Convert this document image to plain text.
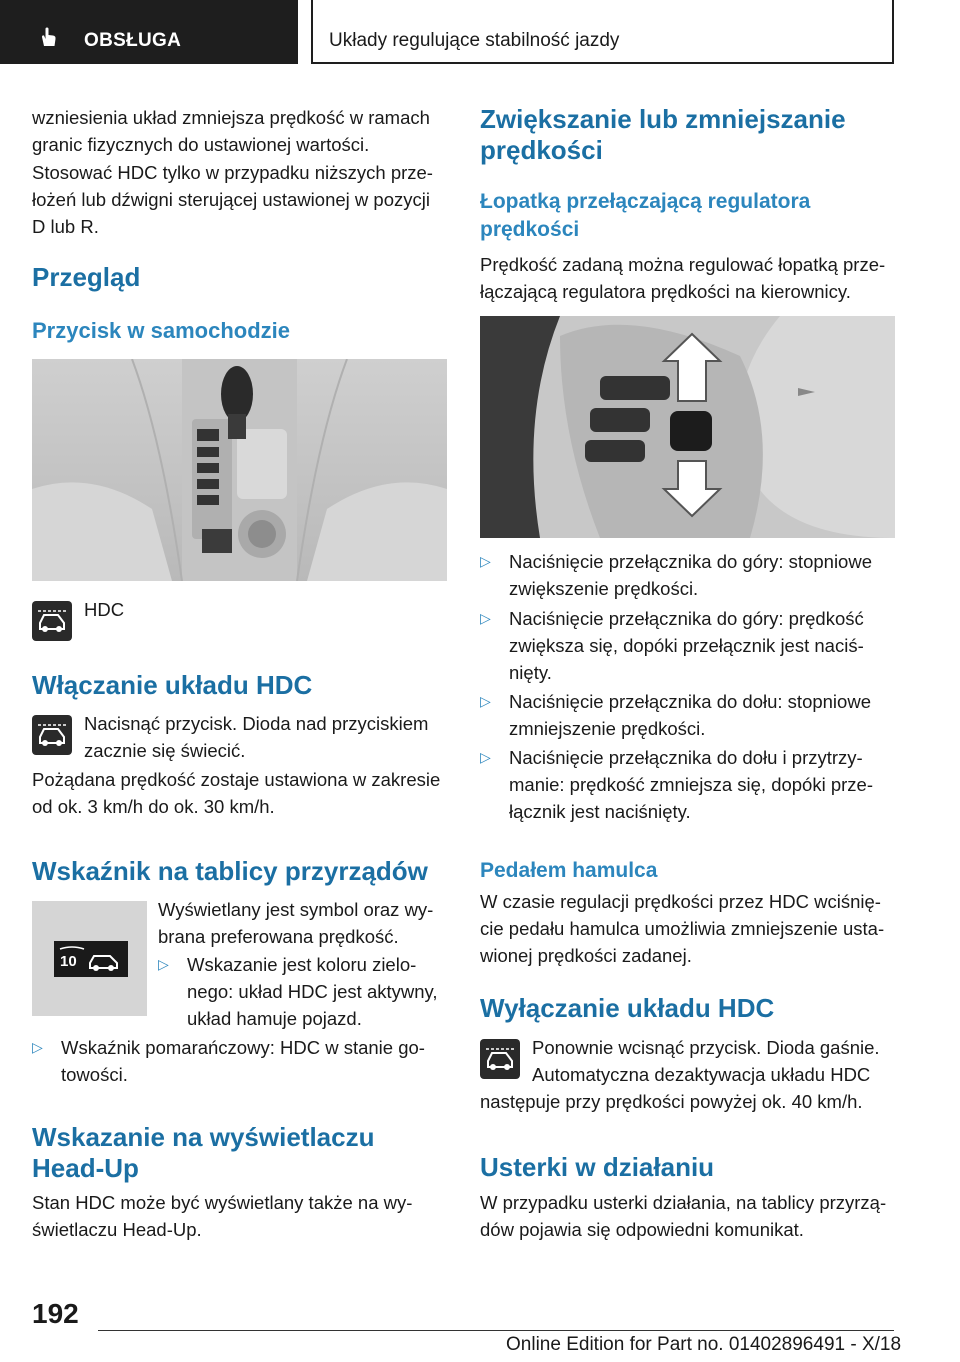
OBSŁUGA	Układy regulujące stabilność jazdy

wzniesienia układ zmniejsza prędkość w ramach
granic fizycznych do ustawionej wartości.

Stosować HDC tylko w przypadku niższych prze‐
łożeń lub dźwigni sterującej ustawionej w pozycji
D lub R.

Przegląd
Przycisk w samochodzie
HDC
Włączanie układu HDC

Nacisnąć przycisk. Dioda nad przyciskiem
zacznie się świecić.

Pożądana prędkość zostaje ustawiona w zakresie
od ok. 3 km/h do ok. 30 km/h.

Wskaźnik na tablicy przyrządów
10

Wyświetlany jest symbol oraz wy‐
brana preferowana prędkość.

▷ Wskazanie jest koloru zielo‐
nego: układ HDC jest aktywny,
układ hamuje pojazd.
▷ Wskaźnik pomarańczowy: HDC w stanie go‐
towości.
Wskazanie na wyświetlaczu
Head-Up

Stan HDC może być wyświetlany także na wy‐
świetlaczu Head-Up.

Zwiększanie lub zmniejszanie
prędkości
Łopatką przełączającą regulatora
prędkości

Prędkość zadaną można regulować łopatką prze‐
łączającą regulatora prędkości na kierownicy.

▷ Naciśnięcie przełącznika do góry: stopniowe
zwiększenie prędkości.
▷ Naciśnięcie przełącznika do góry: prędkość
zwiększa się, dopóki przełącznik jest naciś‐
nięty.
▷ Naciśnięcie przełącznika do dołu: stopniowe
zmniejszenie prędkości.
▷ Naciśnięcie przełącznika do dołu i przytrzy‐
manie: prędkość zmniejsza się, dopóki prze‐
łącznik jest naciśnięty.
Pedałem hamulca

W czasie regulacji prędkości przez HDC wciśnię‐
cie pedału hamulca umożliwia zmniejszenie usta‐
wionej prędkości zadanej.

Wyłączanie układu HDC

Ponownie wcisnąć przycisk. Dioda gaśnie.
Automatyczna dezaktywacja układu HDC

następuje przy prędkości powyżej ok. 40 km/h.

Usterki w działaniu

W przypadku usterki działania, na tablicy przyrzą‐
dów pojawia się odpowiedni komunikat.

192
Online Edition for Part no. 01402896491 - X/18
